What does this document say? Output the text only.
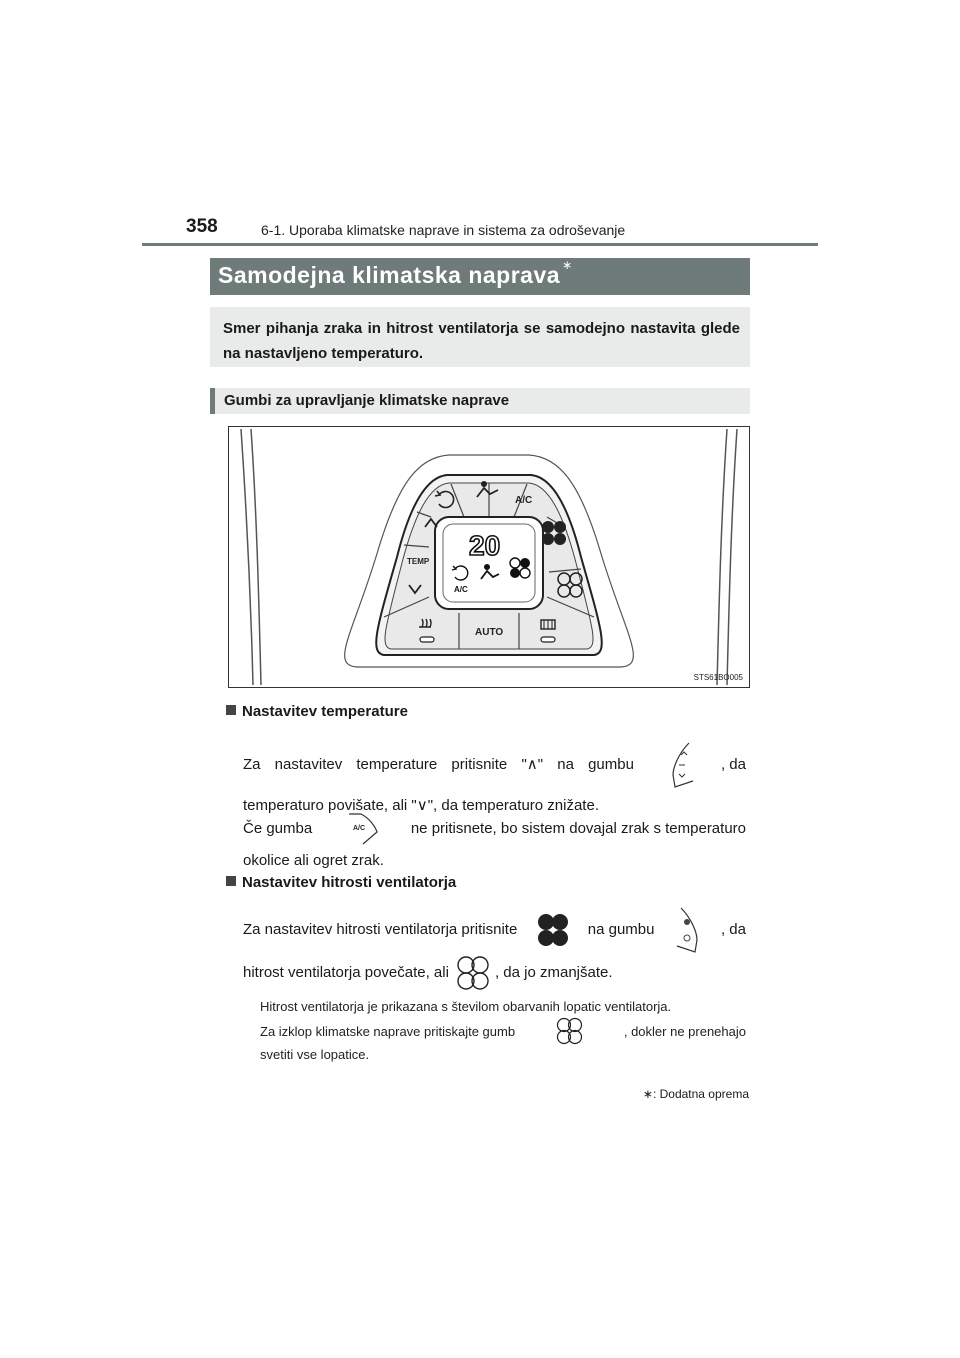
358	6-1. Uporaba klimatske naprave in sistema za odroševanje
Samodejna klimatska naprava ∗
Smer pihanja zraka in hitrost ventilatorja se samodejno nastavita glede na nastavljeno temperaturo.
Gumbi za upravljanje klimatske naprave
20
A/C
A/C
TEMP
AUTO
STS61BO005
Nastavitev temperature
Za nastavitev temperature pritisnite "∧" na gumbu	, da
temperaturo povišate, ali "∨", da temperaturo znižate.
Če gumba	A/C	ne pritisnete, bo sistem dovajal zrak s temperaturo
okolice ali ogret zrak.
Nastavitev hitrosti ventilatorja
Za nastavitev hitrosti ventilatorja pritisnite	na gumbu	, da
hitrost ventilatorja povečate, ali	, da jo zmanjšate.
Hitrost ventilatorja je prikazana s številom obarvanih lopatic ventilatorja.
Za izklop klimatske naprave pritiskajte gumb	, dokler ne prenehajo
svetiti vse lopatice.
∗: Dodatna oprema
